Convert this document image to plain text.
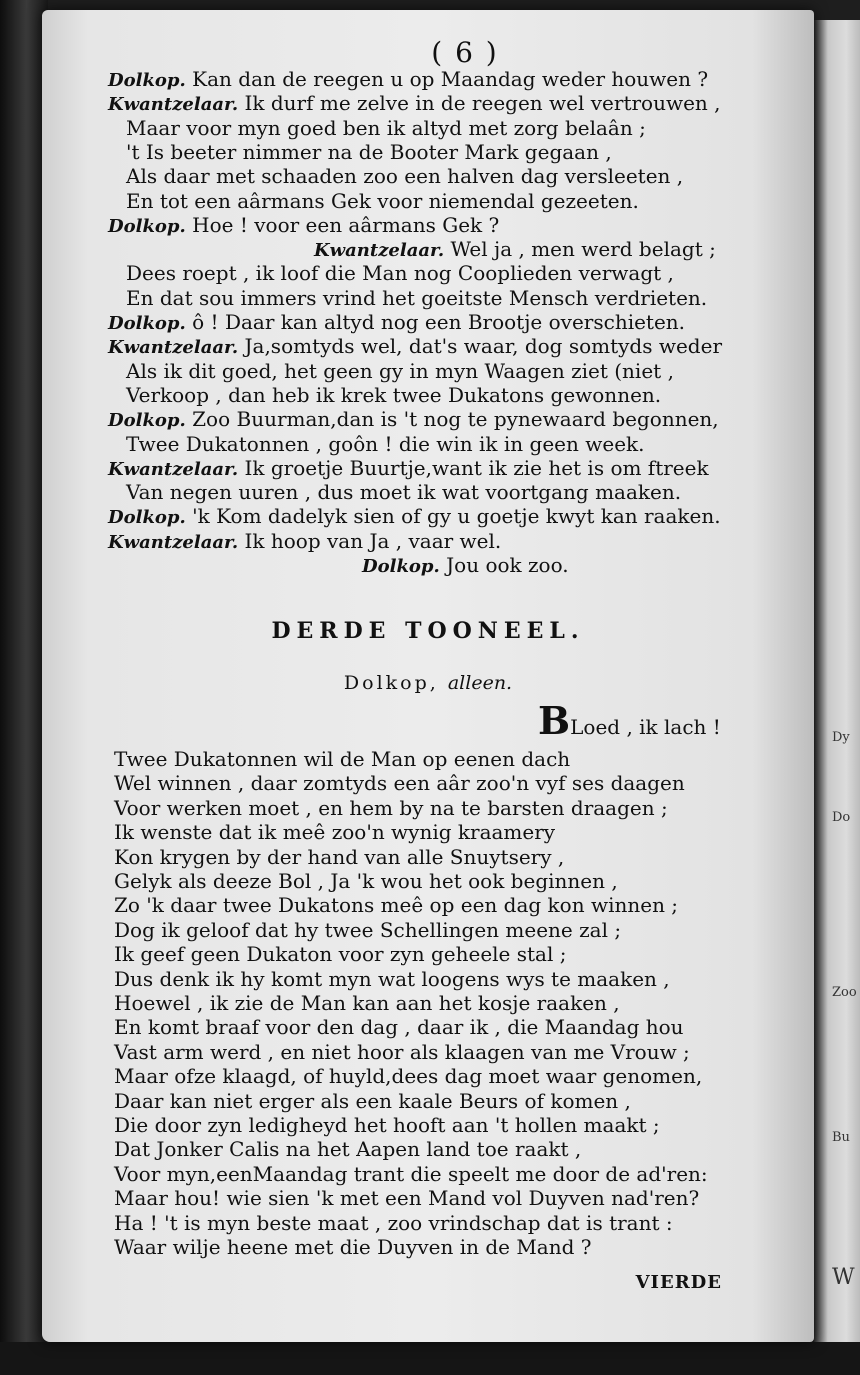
Dy
Do
Zoo
Bu
W
( 6 )
Dolkop. Kan dan de reegen u op Maandag weder houwen ?
Kwantzelaar. Ik durf me zelve in de reegen wel vertrouwen ,
Maar voor myn goed ben ik altyd met zorg belaân ;
't Is beeter nimmer na de Booter Mark gegaan ,
Als daar met schaaden zoo een halven dag versleeten ,
En tot een aârmans Gek voor niemendal gezeeten.
Dolkop. Hoe ! voor een aârmans Gek ?
Kwantzelaar. Wel ja , men werd belagt ;
Dees roept , ik loof die Man nog Cooplieden verwagt ,
En dat sou immers vrind het goeitste Mensch verdrieten.
Dolkop. ô ! Daar kan altyd nog een Brootje overschieten.
Kwantzelaar. Ja,somtyds wel, dat's waar, dog somtyds weder
Als ik dit goed, het geen gy in myn Waagen ziet (niet ,
Verkoop , dan heb ik krek twee Dukatons gewonnen.
Dolkop. Zoo Buurman,dan is 't nog te pynewaard begonnen,
Twee Dukatonnen , goôn ! die win ik in geen week.
Kwantzelaar. Ik groetje Buurtje,want ik zie het is om ftreek
Van negen uuren , dus moet ik wat voortgang maaken.
Dolkop. 'k Kom dadelyk sien of gy u goetje kwyt kan raaken.
Kwantzelaar. Ik hoop van Ja , vaar wel.
Dolkop. Jou ook zoo.
DERDE TOONEEL.
Dolkop, alleen.
BLoed , ik lach !
Twee Dukatonnen wil de Man op eenen dach
Wel winnen , daar zomtyds een aâr zoo'n vyf ses daagen
Voor werken moet , en hem by na te barsten draagen ;
Ik wenste dat ik meê zoo'n wynig kraamery
Kon krygen by der hand van alle Snuytsery ,
Gelyk als deeze Bol , Ja 'k wou het ook beginnen ,
Zo 'k daar twee Dukatons meê op een dag kon winnen ;
Dog ik geloof dat hy twee Schellingen meene zal ;
Ik geef geen Dukaton voor zyn geheele stal ;
Dus denk ik hy komt myn wat loogens wys te maaken ,
Hoewel , ik zie de Man kan aan het kosje raaken ,
En komt braaf voor den dag , daar ik , die Maandag hou
Vast arm werd , en niet hoor als klaagen van me Vrouw ;
Maar ofze klaagd, of huyld,dees dag moet waar genomen,
Daar kan niet erger als een kaale Beurs of komen ,
Die door zyn ledigheyd het hooft aan 't hollen maakt ;
Dat Jonker Calis na het Aapen land toe raakt ,
Voor myn,eenMaandag trant die speelt me door de ad'ren:
Maar hou! wie sien 'k met een Mand vol Duyven nad'ren?
Ha ! 't is myn beste maat , zoo vrindschap dat is trant :
Waar wilje heene met die Duyven in de Mand ?
VIERDE
